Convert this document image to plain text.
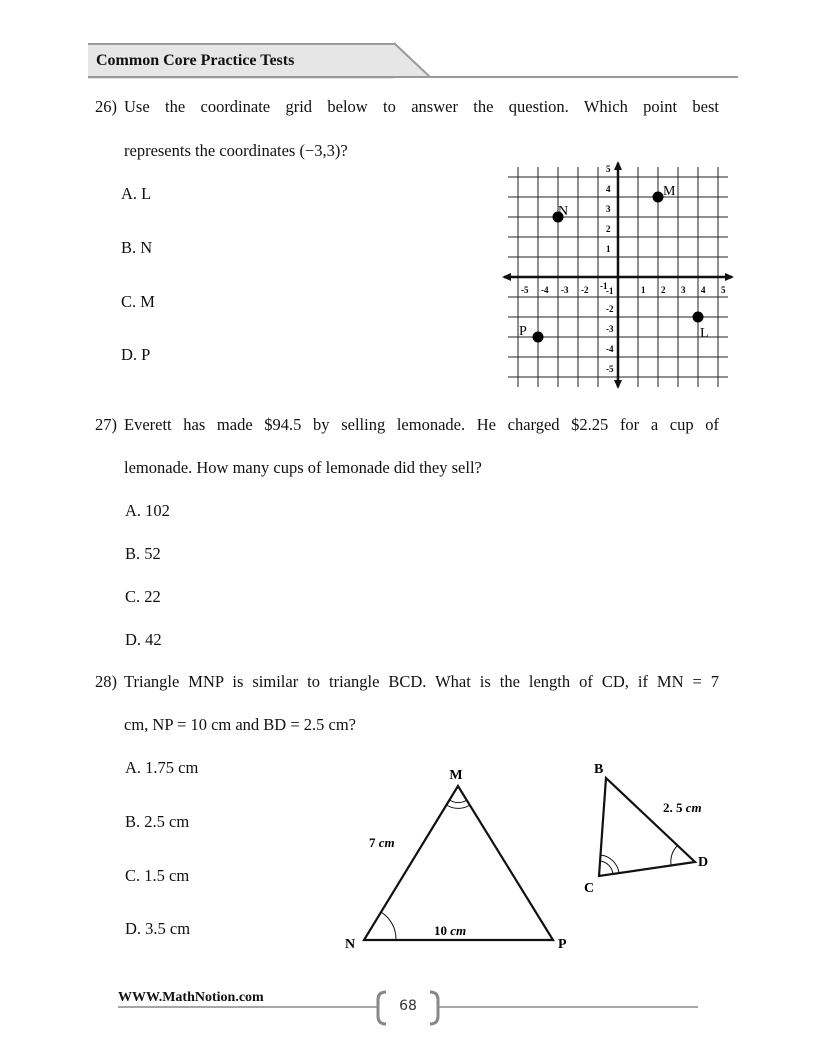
Common Core Practice Tests
26) Use the coordinate grid below to answer the question. Which point best
represents the coordinates (−3,3)?
A. L
B. N
C. M
D. P
27) Everett has made $94.5 by selling lemonade. He charged $2.25 for a cup of
lemonade. How many cups of lemonade did they sell?
A. 102
B. 52
C. 22
D. 42
28) Triangle MNP is similar to triangle BCD. What is the length of CD, if MN = 7
cm, NP = 10 cm and BD = 2.5 cm?
A. 1.75 cm
B. 2.5 cm
C. 1.5 cm
D. 3.5 cm
-5 -4 -3 -2 -1	1 2 3 4 5
5
4
3
2
1
-1
-2
-3
-4
-5
M
N
P	L
M
N	P
7 cm
10 cm
B
C
D
2. 5 cm
WWW.MathNotion.com
68
